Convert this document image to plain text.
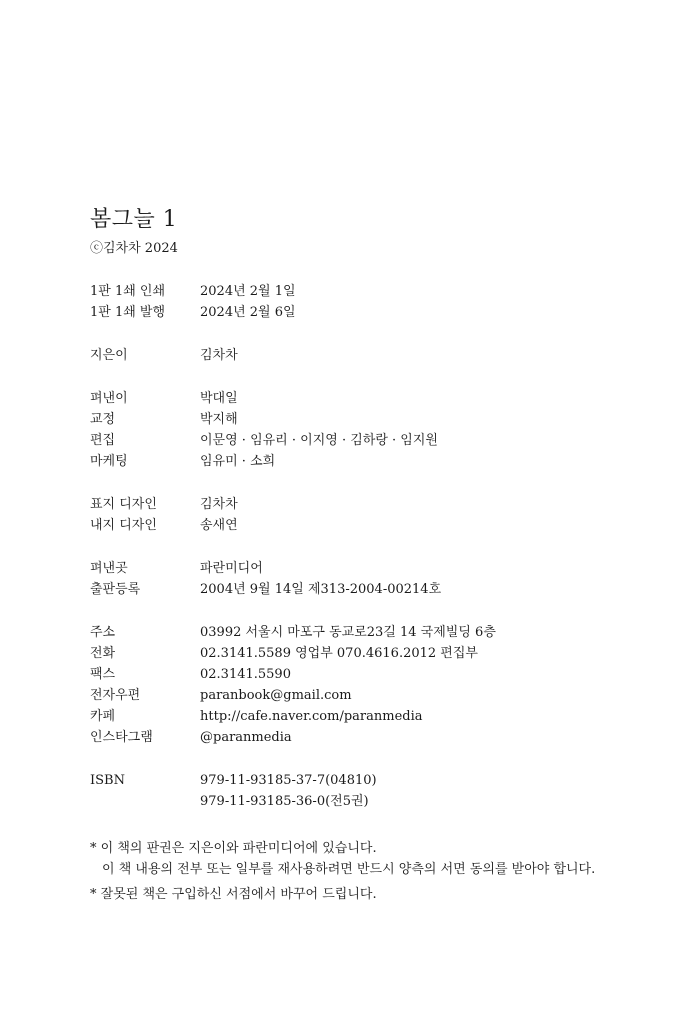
봄그늘 1
ⓒ김차차 2024
1판 1쇄 인쇄	2024년 2월 1일
1판 1쇄 발행	2024년 2월 6일
지은이	김차차
펴낸이	박대일
교정	박지해
편집	이문영 · 임유리 · 이지영 · 김하랑 · 임지원
마케팅	임유미 · 소희
표지 디자인	김차차
내지 디자인	송새연
펴낸곳	파란미디어
출판등록	2004년 9월 14일 제313-2004-00214호
주소	03992 서울시 마포구 동교로23길 14 국제빌딩 6층
전화	02.3141.5589 영업부 070.4616.2012 편집부
팩스	02.3141.5590
전자우편	paranbook@gmail.com
카페	http://cafe.naver.com/paranmedia
인스타그램	@paranmedia
ISBN	979-11-93185-37-7(04810)
979-11-93185-36-0(전5권)
* 이 책의 판권은 지은이와 파란미디어에 있습니다.
이 책 내용의 전부 또는 일부를 재사용하려면 반드시 양측의 서면 동의를 받아야 합니다.
* 잘못된 책은 구입하신 서점에서 바꾸어 드립니다.
